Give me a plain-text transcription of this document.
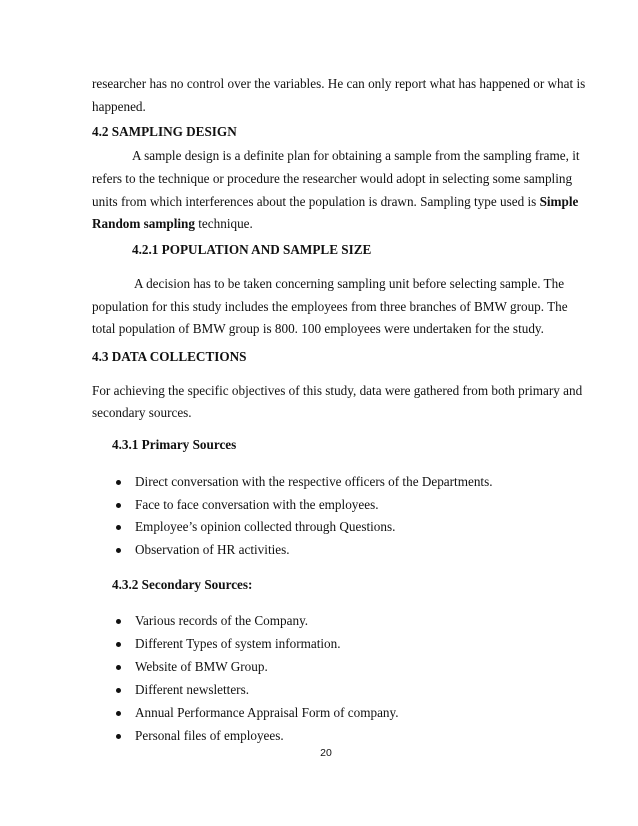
researcher has no control over the variables. He can only report what has happened or what is
happened.
4.2 SAMPLING DESIGN
A sample design is a definite plan for obtaining a sample from the sampling frame, it
refers to the technique or procedure the researcher would adopt in selecting some sampling
units from which interferences about the population is drawn. Sampling type used is Simple
Random sampling technique.
4.2.1 POPULATION AND SAMPLE SIZE
A decision has to be taken concerning sampling unit before selecting sample. The
population for this study includes the employees from three branches of BMW group. The
total population of BMW group is 800. 100 employees were undertaken for the study.
4.3 DATA COLLECTIONS
For achieving the specific objectives of this study, data were gathered from both primary and
secondary sources.
4.3.1 Primary Sources
Direct conversation with the respective officers of the Departments.
Face to face conversation with the employees.
Employee’s opinion collected through Questions.
Observation of HR activities.
4.3.2 Secondary Sources:
Various records of the Company.
Different Types of system information.
Website of BMW Group.
Different newsletters.
Annual Performance Appraisal Form of company.
Personal files of employees.
20
